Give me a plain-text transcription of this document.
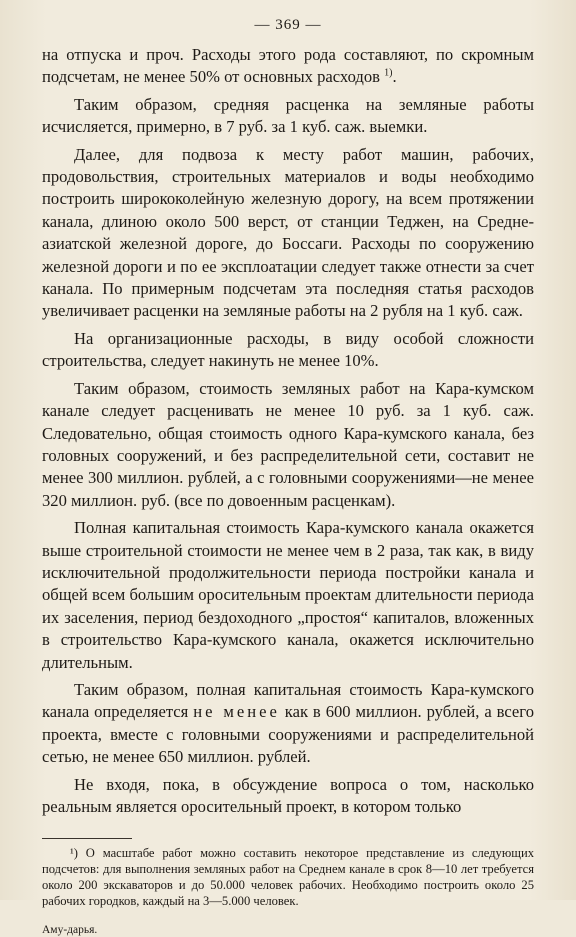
— 369 —

на отпуска и проч. Расходы этого рода составляют, по скромным подсчетам, не менее 50% от основных расходов $^{1)}$.

Таким образом, средняя расценка на земляные работы исчисляется, примерно, в 7 руб. за 1 куб. саж. выемки.

Далее, для подвоза к месту работ машин, рабочих, продовольствия, строительных материалов и воды необходимо построить ширококолейную железную дорогу, на всем протяжении канала, длиною около 500 верст, от станции Теджен, на Средне-азиатской железной дороге, до Боссаги. Расходы по сооружению железной дороги и по ее эксплоатации следует также отнести за счет канала. По примерным подсчетам эта последняя статья расходов увеличивает расценки на земляные работы на 2 рубля на 1 куб. саж.

На организационные расходы, в виду особой сложности строительства, следует накинуть не менее 10%.

Таким образом, стоимость земляных работ на Кара-кумском канале следует расценивать не менее 10 руб. за 1 куб. саж. Следовательно, общая стоимость одного Кара-кумского канала, без головных сооружений, и без распределительной сети, составит не менее 300 миллион. рублей, а с головными сооружениями—не менее 320 миллион. руб. (все по довоенным расценкам).

Полная капитальная стоимость Кара-кумского канала окажется выше строительной стоимости не менее чем в 2 раза, так как, в виду исключительной продолжительности периода постройки канала и общей всем большим оросительным проектам длительности периода их заселения, период бездоходного „простоя“ капиталов, вложенных в строительство Кара-кумского канала, окажется исключительно длительным.

Таким образом, полная капитальная стоимость Кара-кумского канала определяется не менее как в 600 миллион. рублей, а всего проекта, вместе с головными сооружениями и распределительной сетью, не менее 650 миллион. рублей.

Не входя, пока, в обсуждение вопроса о том, насколько реальным является оросительный проект, в котором только

¹) О масштабе работ можно составить некоторое представление из следующих подсчетов: для выполнения земляных работ на Среднем канале в срок 8—10 лет требуется около 200 экскаваторов и до 50.000 человек рабочих. Необходимо построить около 25 рабочих городков, каждый на 3—5.000 человек.

Аму-дарья.
